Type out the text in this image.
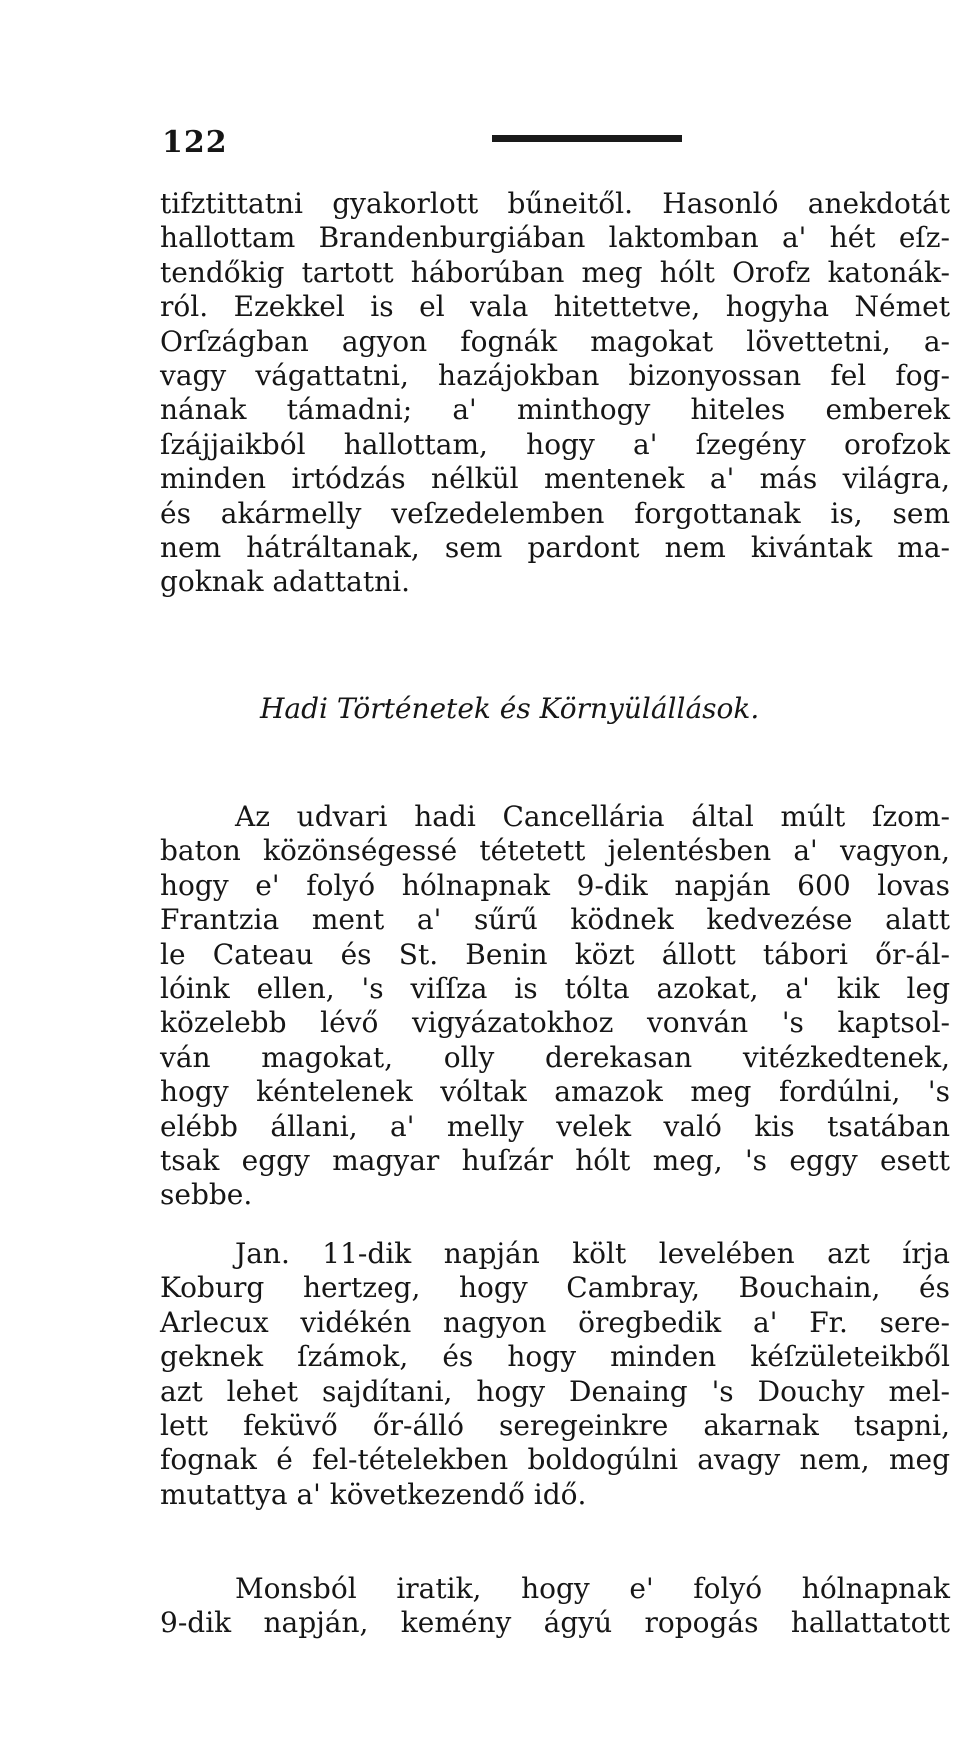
122
tifztittatni gyakorlott bűneitől. Hasonló anekdotát
hallottam Brandenburgiában laktomban a' hét eſz-
tendőkig tartott háborúban meg hólt Orofz katonák-
ról. Ezekkel is el vala hitettetve, hogyha Német
Orſzágban agyon fognák magokat lövettetni, a-
vagy vágattatni, hazájokban bizonyossan fel fog-
nának támadni; a' minthogy hiteles emberek
ſzájjaikból hallottam, hogy a' ſzegény orofzok
minden irtódzás nélkül mentenek a' más világra,
és akármelly veſzedelemben forgottanak is, sem
nem hátráltanak, sem pardont nem kivántak ma-
goknak adattatni.
Hadi Történetek és Környülállások.
Az udvari hadi Cancellária által múlt ſzom-
baton közönségessé tétetett jelentésben a' vagyon,
hogy e' folyó hólnapnak 9-dik napján 600 lovas
Frantzia ment a' sűrű ködnek kedvezése alatt
le Cateau és St. Benin közt állott tábori őr-ál-
lóink ellen, 's viſſza is tólta azokat, a' kik leg
közelebb lévő vigyázatokhoz vonván 's kaptsol-
ván magokat, olly derekasan vitézkedtenek,
hogy kéntelenek vóltak amazok meg fordúlni, 's
elébb állani, a' melly velek való kis tsatában
tsak eggy magyar huſzár hólt meg, 's eggy esett
sebbe.
Jan. 11-dik napján költ levelében azt írja
Koburg hertzeg, hogy Cambray, Bouchain, és
Arlecux vidékén nagyon öregbedik a' Fr. sere-
geknek ſzámok, és hogy minden kéſzületeikből
azt lehet sajdítani, hogy Denaing 's Douchy mel-
lett feküvő őr-álló seregeinkre akarnak tsapni,
fognak é fel-tételekben boldogúlni avagy nem, meg
mutattya a' következendő idő.
Monsból iratik, hogy e' folyó hólnapnak
9-dik napján, kemény ágyú ropogás hallattatott
